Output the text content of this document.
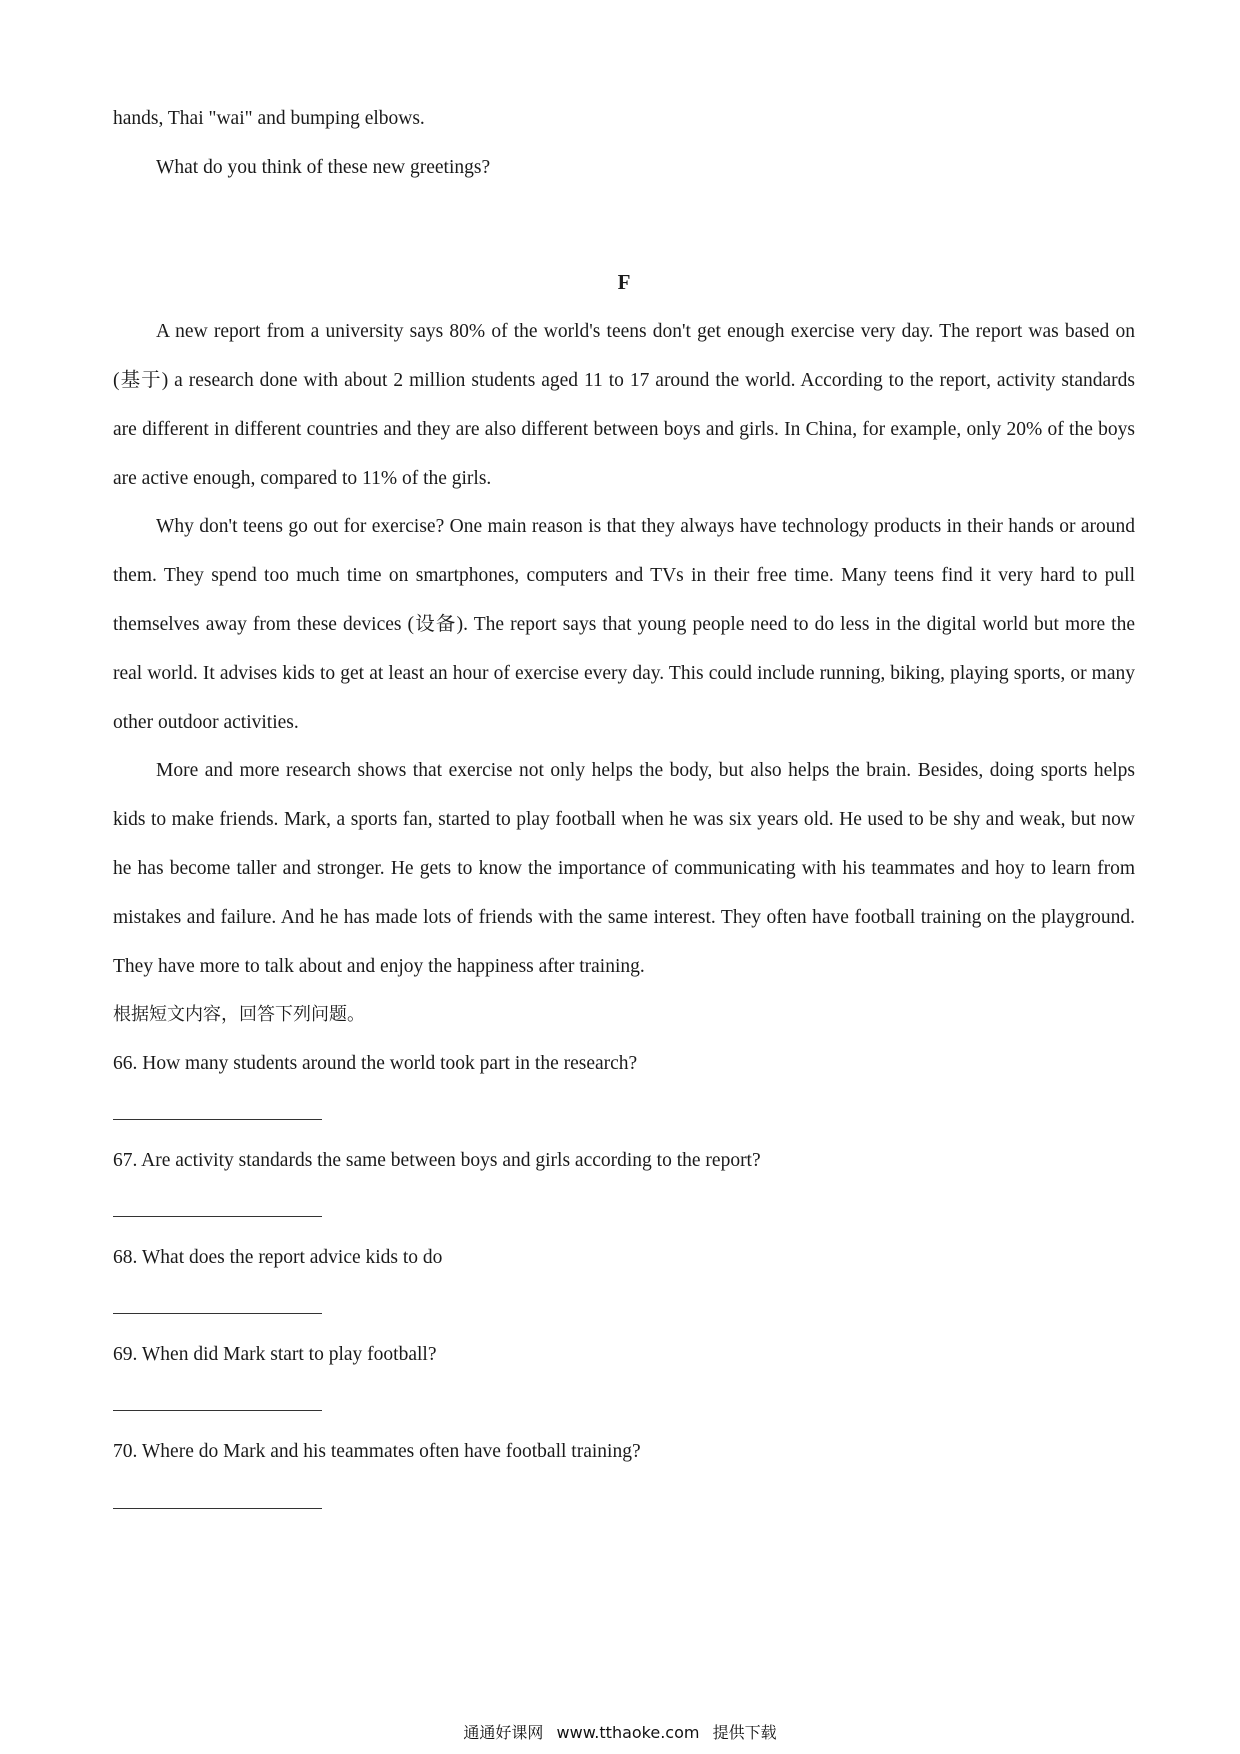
hands, Thai "wai" and bumping elbows.
What do you think of these new greetings?
F

A new report from a university says 80% of the world's teens don't get enough exercise very day. The report was based on (基于) a research done with about 2 million students aged 11 to 17 around the world. According to the report, activity standards are different in different countries and they are also different between boys and girls. In China, for example, only 20% of the boys are active enough, compared to 11% of the girls.

Why don't teens go out for exercise? One main reason is that they always have technology products in their hands or around them. They spend too much time on smartphones, computers and TVs in their free time. Many teens find it very hard to pull themselves away from these devices (设备). The report says that young people need to do less in the digital world but more the real world. It advises kids to get at least an hour of exercise every day. This could include running, biking, playing sports, or many other outdoor activities.

More and more research shows that exercise not only helps the body, but also helps the brain. Besides, doing sports helps kids to make friends. Mark, a sports fan, started to play football when he was six years old. He used to be shy and weak, but now he has become taller and stronger. He gets to know the importance of communicating with his teammates and hoy to learn from mistakes and failure. And he has made lots of friends with the same interest. They often have football training on the playground. They have more to talk about and enjoy the happiness after training.

根据短文内容，回答下列问题。
66. How many students around the world took part in the research?
67. Are activity standards the same between boys and girls according to the report?
68. What does the report advice kids to do
69. When did Mark start to play football?
70. Where do Mark and his teammates often have football training?
通通好课网 www.tthaoke.com 提供下载
